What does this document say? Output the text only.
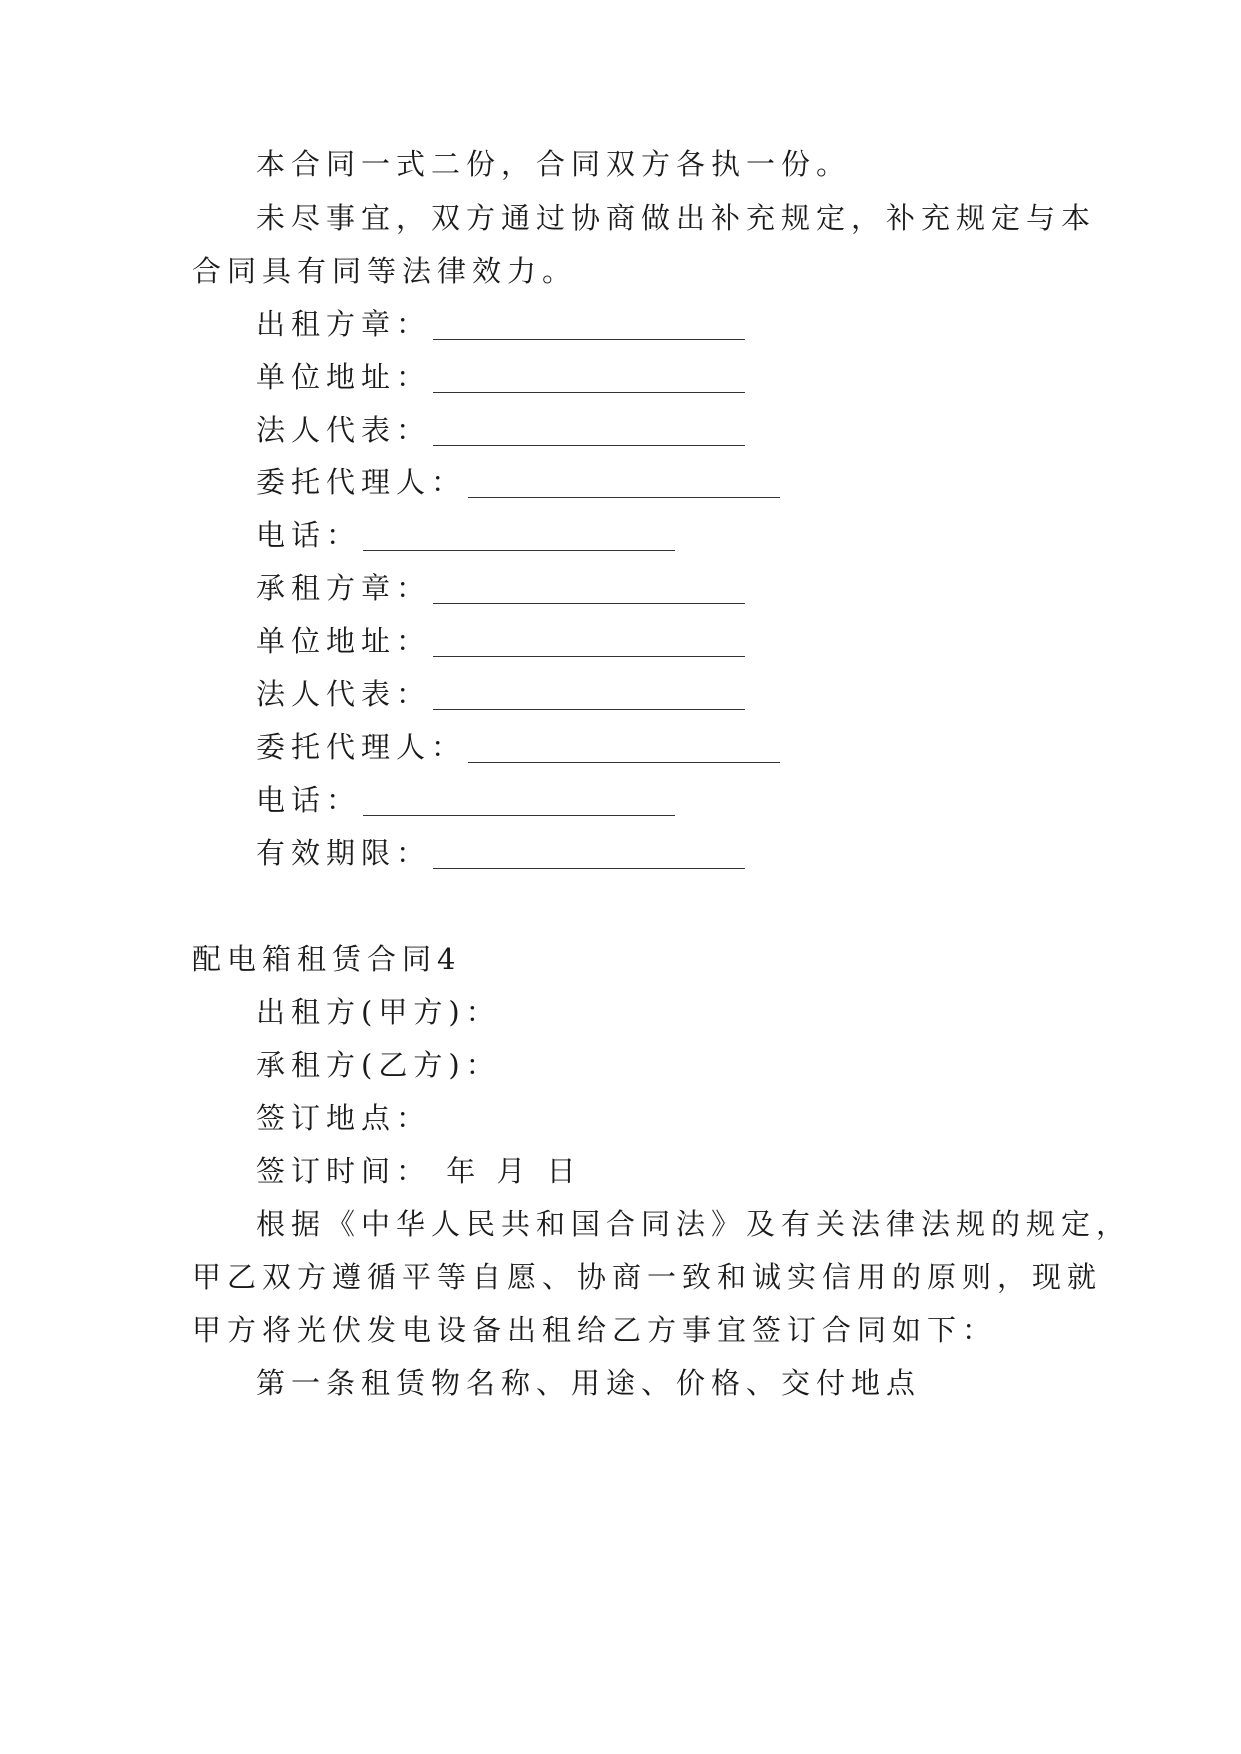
本合同一式二份，合同双方各执一份。
未尽事宜，双方通过协商做出补充规定，补充规定与本
合同具有同等法律效力。
出租方章：
单位地址：
法人代表：
委托代理人：
电话：
承租方章：
单位地址：
法人代表：
委托代理人：
电话：
有效期限：
配电箱租赁合同4
出租方(甲方)：
承租方(乙方)：
签订地点：
签订时间： 年 月 日
根据《中华人民共和国合同法》及有关法律法规的规定，
甲乙双方遵循平等自愿、协商一致和诚实信用的原则，现就
甲方将光伏发电设备出租给乙方事宜签订合同如下：
第一条租赁物名称、用途、价格、交付地点
